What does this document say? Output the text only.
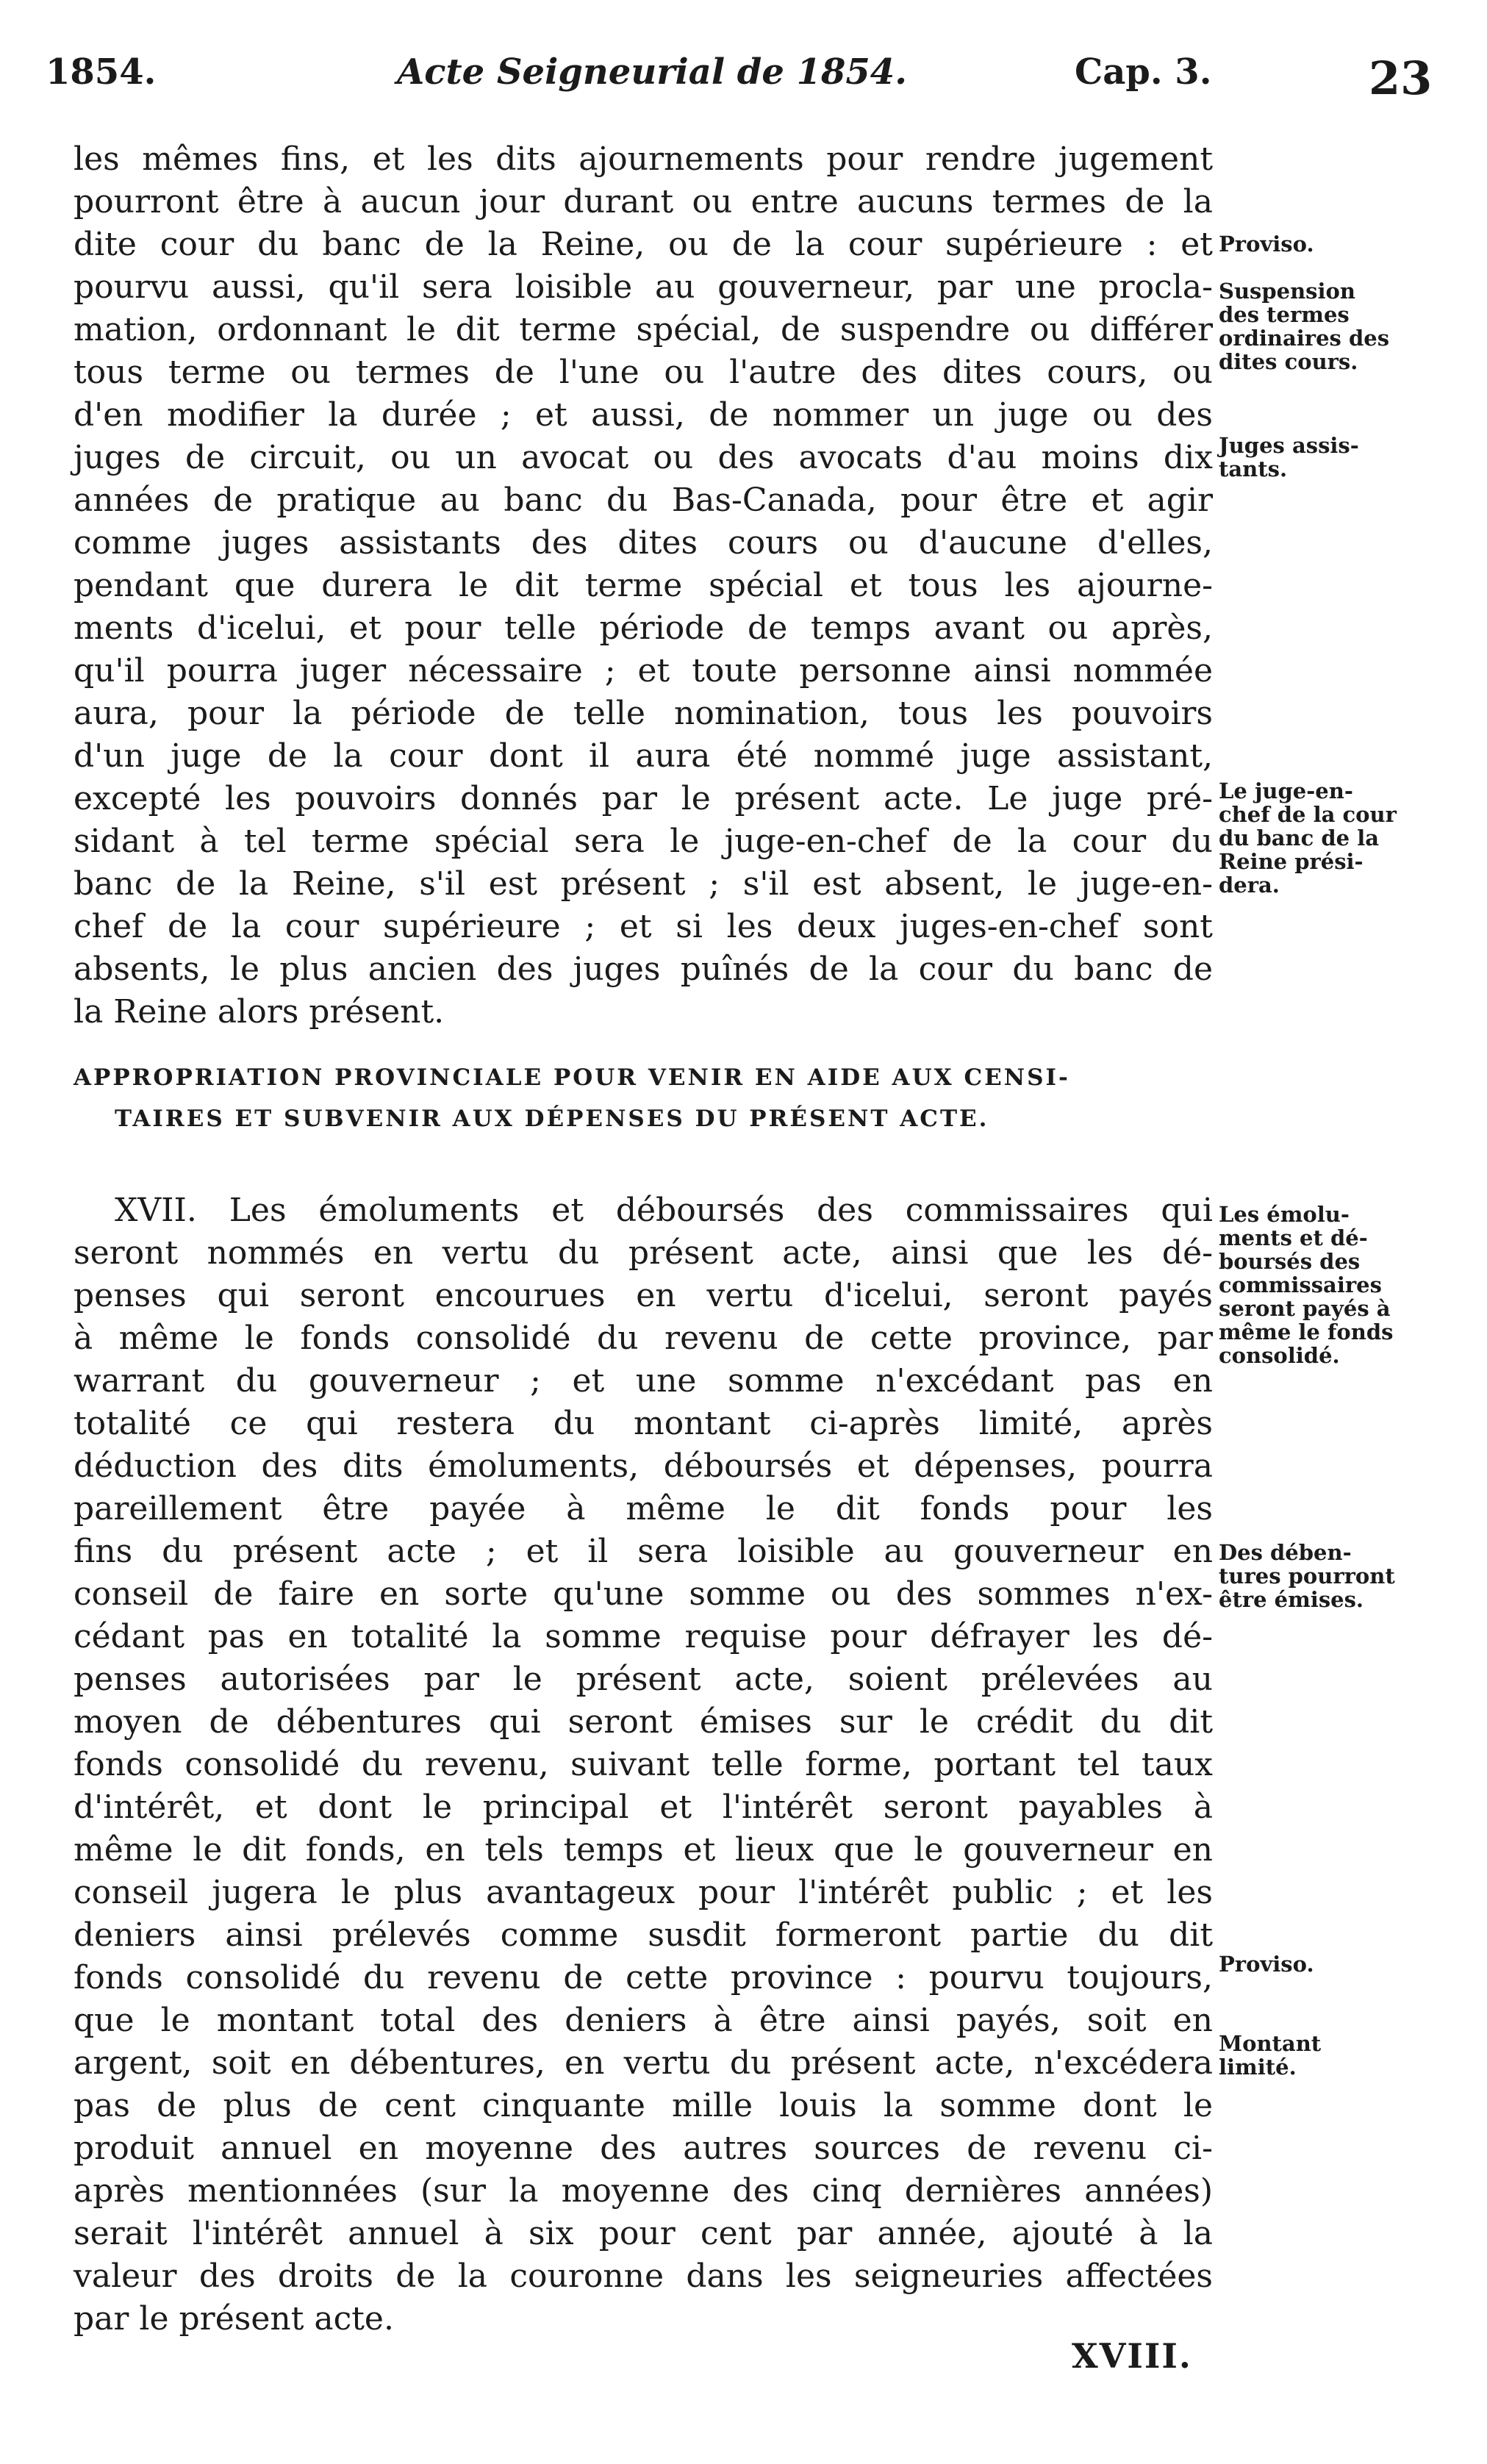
1854.	Acte Seigneurial de 1854.	Cap. 3.	23
les mêmes fins, et les dits ajournements pour rendre jugement
pourront être à aucun jour durant ou entre aucuns termes de la
dite cour du banc de la Reine, ou de la cour supérieure : et
pourvu aussi, qu'il sera loisible au gouverneur, par une procla-
mation, ordonnant le dit terme spécial, de suspendre ou différer
tous terme ou termes de l'une ou l'autre des dites cours, ou
d'en modifier la durée ; et aussi, de nommer un juge ou des
juges de circuit, ou un avocat ou des avocats d'au moins dix
années de pratique au banc du Bas-Canada, pour être et agir
comme juges assistants des dites cours ou d'aucune d'elles,
pendant que durera le dit terme spécial et tous les ajourne-
ments d'icelui, et pour telle période de temps avant ou après,
qu'il pourra juger nécessaire ; et toute personne ainsi nommée
aura, pour la période de telle nomination, tous les pouvoirs
d'un juge de la cour dont il aura été nommé juge assistant,
excepté les pouvoirs donnés par le présent acte. Le juge pré-
sidant à tel terme spécial sera le juge-en-chef de la cour du
banc de la Reine, s'il est présent ; s'il est absent, le juge-en-
chef de la cour supérieure ; et si les deux juges-en-chef sont
absents, le plus ancien des juges puînés de la cour du banc de
la Reine alors présent.
APPROPRIATION PROVINCIALE POUR VENIR EN AIDE AUX CENSI-
TAIRES ET SUBVENIR AUX DÉPENSES DU PRÉSENT ACTE.
XVII. Les émoluments et déboursés des commissaires qui
seront nommés en vertu du présent acte, ainsi que les dé-
penses qui seront encourues en vertu d'icelui, seront payés
à même le fonds consolidé du revenu de cette province, par
warrant du gouverneur ; et une somme n'excédant pas en
totalité ce qui restera du montant ci-après limité, après
déduction des dits émoluments, déboursés et dépenses, pourra
pareillement être payée à même le dit fonds pour les
fins du présent acte ; et il sera loisible au gouverneur en
conseil de faire en sorte qu'une somme ou des sommes n'ex-
cédant pas en totalité la somme requise pour défrayer les dé-
penses autorisées par le présent acte, soient prélevées au
moyen de débentures qui seront émises sur le crédit du dit
fonds consolidé du revenu, suivant telle forme, portant tel taux
d'intérêt, et dont le principal et l'intérêt seront payables à
même le dit fonds, en tels temps et lieux que le gouverneur en
conseil jugera le plus avantageux pour l'intérêt public ; et les
deniers ainsi prélevés comme susdit formeront partie du dit
fonds consolidé du revenu de cette province : pourvu toujours,
que le montant total des deniers à être ainsi payés, soit en
argent, soit en débentures, en vertu du présent acte, n'excédera
pas de plus de cent cinquante mille louis la somme dont le
produit annuel en moyenne des autres sources de revenu ci-
après mentionnées (sur la moyenne des cinq dernières années)
serait l'intérêt annuel à six pour cent par année, ajouté à la
valeur des droits de la couronne dans les seigneuries affectées
par le présent acte.
Proviso.
Suspension
des termes
ordinaires des
dites cours.
Juges assis-
tants.
Le juge-en-
chef de la cour
du banc de la
Reine prési-
dera.
Les émolu-
ments et dé-
boursés des
commissaires
seront payés à
même le fonds
consolidé.
Des dében-
tures pourront
être émises.
Proviso.
Montant
limité.
XVIII.
